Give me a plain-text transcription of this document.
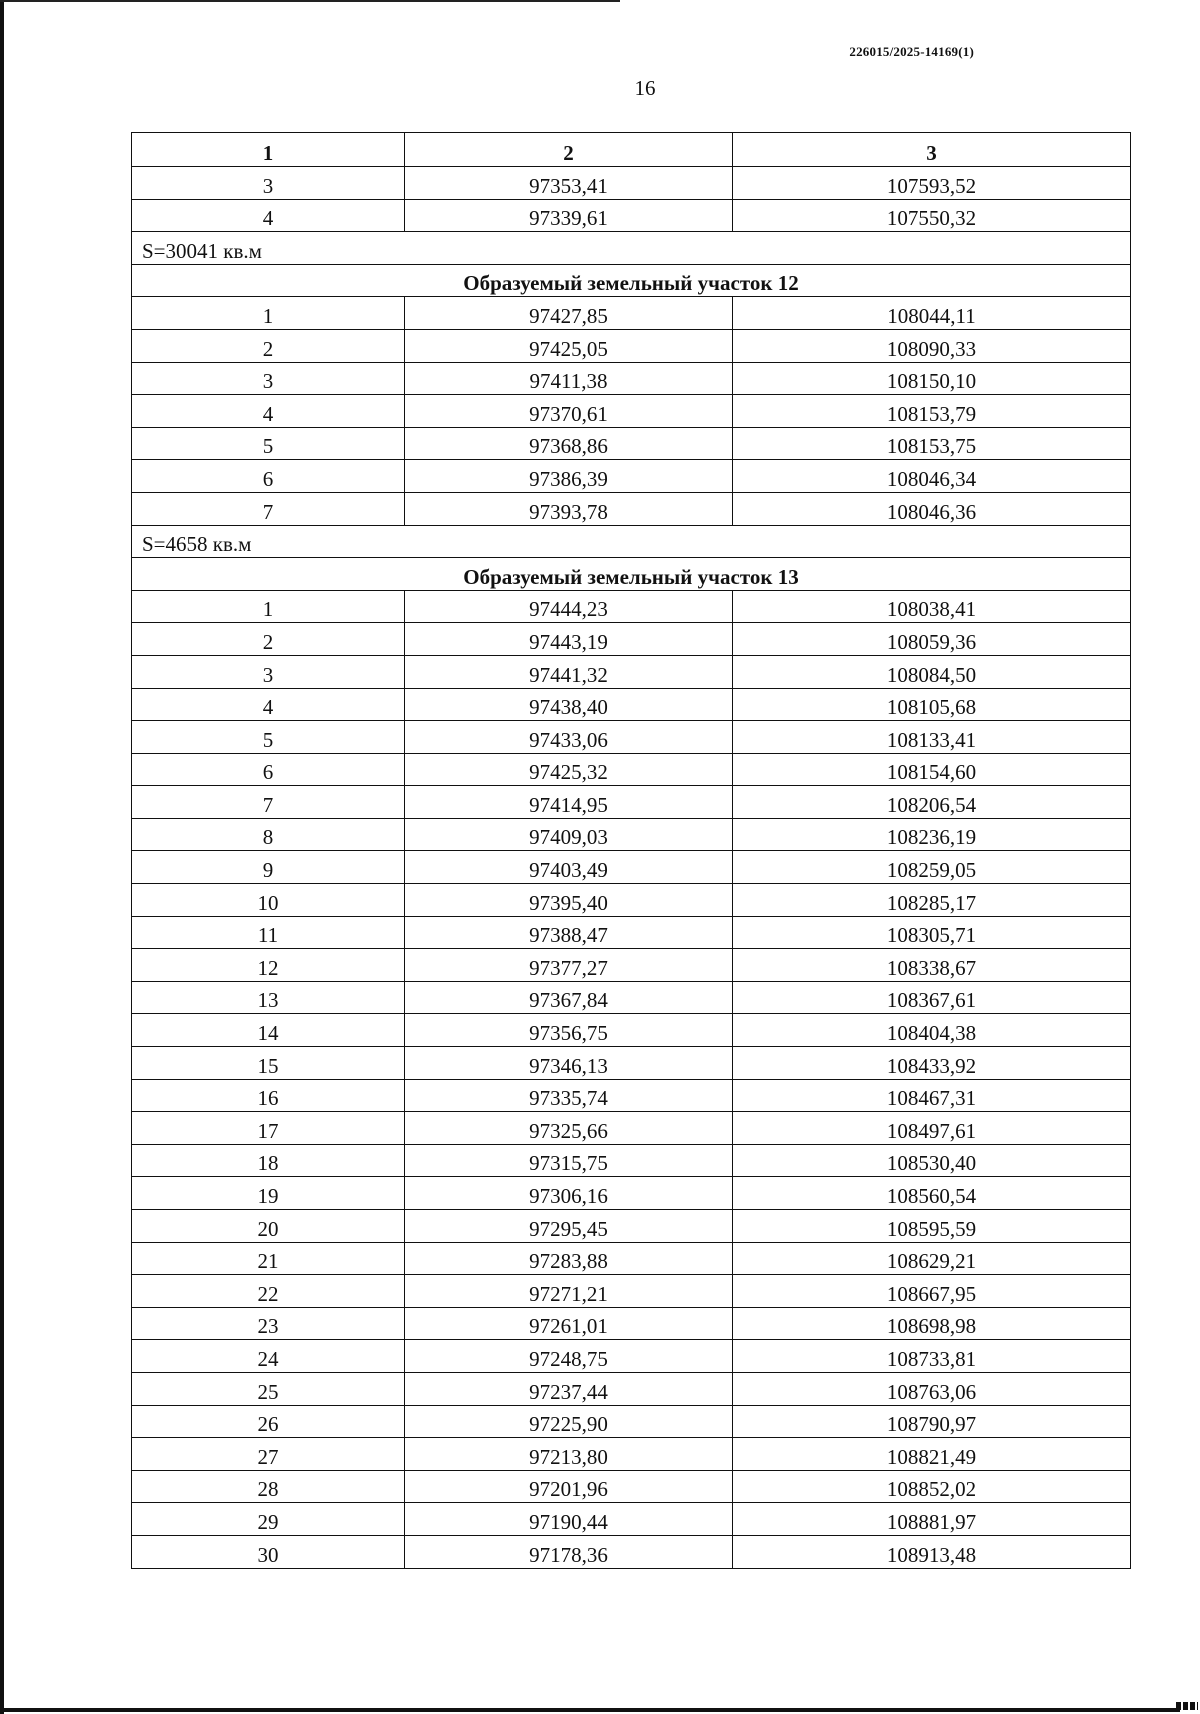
226015/2025-14169(1)
16
1	2	3
3	97353,41	107593,52
4	97339,61	107550,32
S=30041 кв.м		
Образуемый земельный участок 12		
1	97427,85	108044,11
2	97425,05	108090,33
3	97411,38	108150,10
4	97370,61	108153,79
5	97368,86	108153,75
6	97386,39	108046,34
7	97393,78	108046,36
S=4658 кв.м		
Образуемый земельный участок 13		
1	97444,23	108038,41
2	97443,19	108059,36
3	97441,32	108084,50
4	97438,40	108105,68
5	97433,06	108133,41
6	97425,32	108154,60
7	97414,95	108206,54
8	97409,03	108236,19
9	97403,49	108259,05
10	97395,40	108285,17
11	97388,47	108305,71
12	97377,27	108338,67
13	97367,84	108367,61
14	97356,75	108404,38
15	97346,13	108433,92
16	97335,74	108467,31
17	97325,66	108497,61
18	97315,75	108530,40
19	97306,16	108560,54
20	97295,45	108595,59
21	97283,88	108629,21
22	97271,21	108667,95
23	97261,01	108698,98
24	97248,75	108733,81
25	97237,44	108763,06
26	97225,90	108790,97
27	97213,80	108821,49
28	97201,96	108852,02
29	97190,44	108881,97
30	97178,36	108913,48
